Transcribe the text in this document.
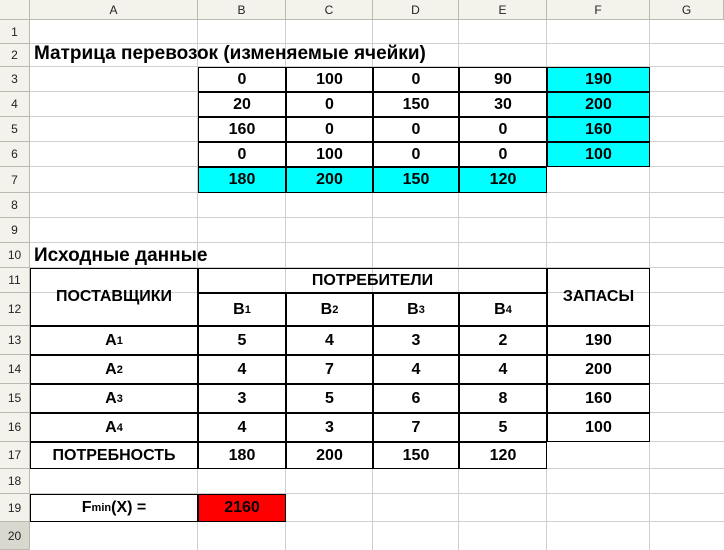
A	B	C	D	E	F	G
1
2
3
4
5
6
7
8
9
10
11
12
13
14
15
16
17
18
19
20
Матрица перевозок (изменяемые ячейки)
0	100	0	90	190
20	0	150	30	200
160	0	0	0	160
0	100	0	0	100
180	200	150	120
Исходные данные
ПОСТАВЩИКИ
ПОТРЕБИТЕЛИ
ЗАПАСЫ
B 1	B 2	B 3	B 4
A 1	5	4	3	2	190
A 2	4	7	4	4	200
A 3	3	5	6	8	160
A 4	4	3	7	5	100
ПОТРЕБНОСТЬ	180	200	150	120
F min (X) =	2160
